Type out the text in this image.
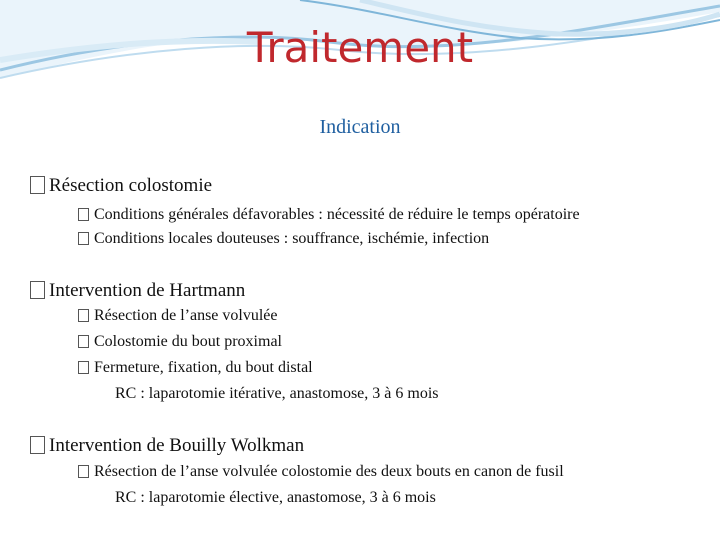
Traitement
Indication
Résection colostomie
Conditions générales défavorables : nécessité de réduire le temps opératoire
Conditions locales douteuses : souffrance, ischémie, infection
Intervention de Hartmann
Résection de l’anse volvulée
Colostomie du bout proximal
Fermeture, fixation, du bout distal
RC : laparotomie itérative, anastomose, 3 à 6 mois
Intervention de Bouilly Wolkman
Résection de l’anse volvulée colostomie des deux bouts en canon de fusil
RC : laparotomie élective, anastomose, 3 à 6 mois
